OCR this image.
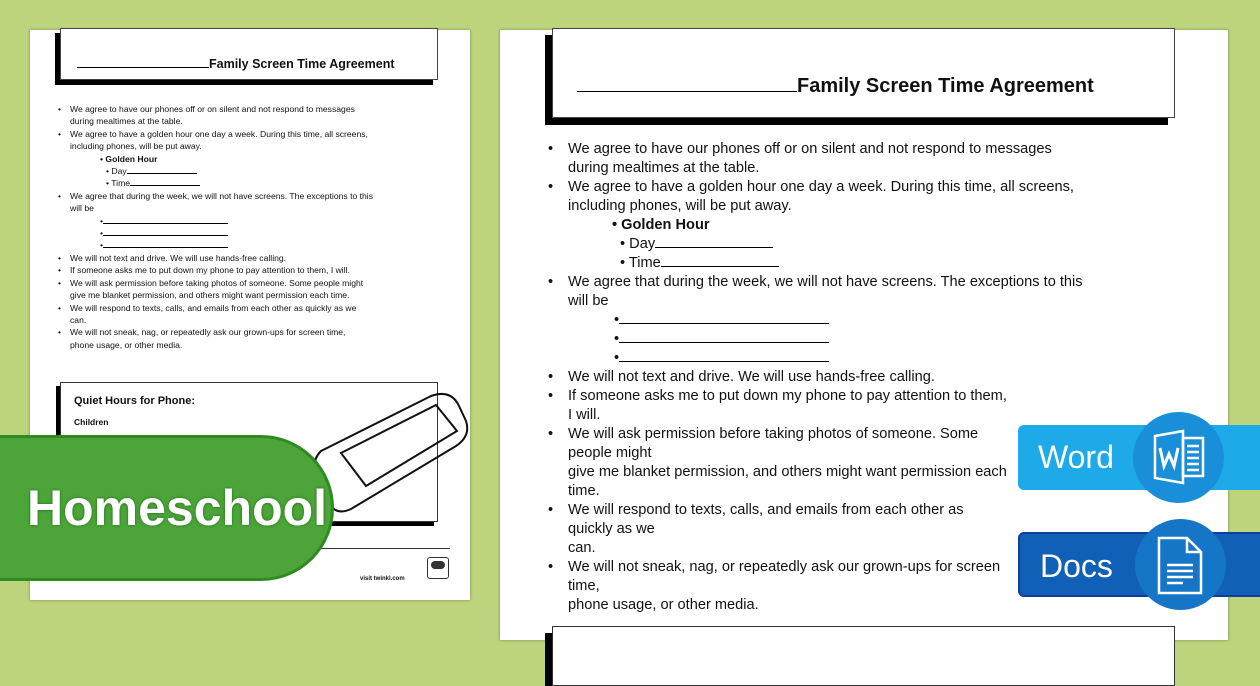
Family Screen Time Agreement
• We agree to have our phones off or on silent and not respond to messages
during mealtimes at the table.
• We agree to have a golden hour one day a week. During this time, all screens,
including phones, will be put away.
• Golden Hour
• Day
• Time
• We agree that during the week, we will not have screens. The exceptions to this
will be
•
•
•
• We will not text and drive. We will use hands-free calling.
• If someone asks me to put down my phone to pay attention to them, I will.
• We will ask permission before taking photos of someone. Some people might
give me blanket permission, and others might want permission each time.
• We will respond to texts, calls, and emails from each other as quickly as we
can.
• We will not sneak, nag, or repeatedly ask our grown-ups for screen time,
phone usage, or other media.
Quiet Hours for Phone:
Children
visit twinkl.com
Family Screen Time Agreement
• We agree to have our phones off or on silent and not respond to messages
during mealtimes at the table.
• We agree to have a golden hour one day a week. During this time, all screens,
including phones, will be put away.
• Golden Hour
• Day
• Time
• We agree that during the week, we will not have screens. The exceptions to this
will be
•
•
•
• We will not text and drive. We will use hands-free calling.
• If someone asks me to put down my phone to pay attention to them, I will.
• We will ask permission before taking photos of someone. Some people might
give me blanket permission, and others might want permission each time.
• We will respond to texts, calls, and emails from each other as quickly as we
can.
• We will not sneak, nag, or repeatedly ask our grown-ups for screen time,
phone usage, or other media.
Homeschool
Word
Docs
